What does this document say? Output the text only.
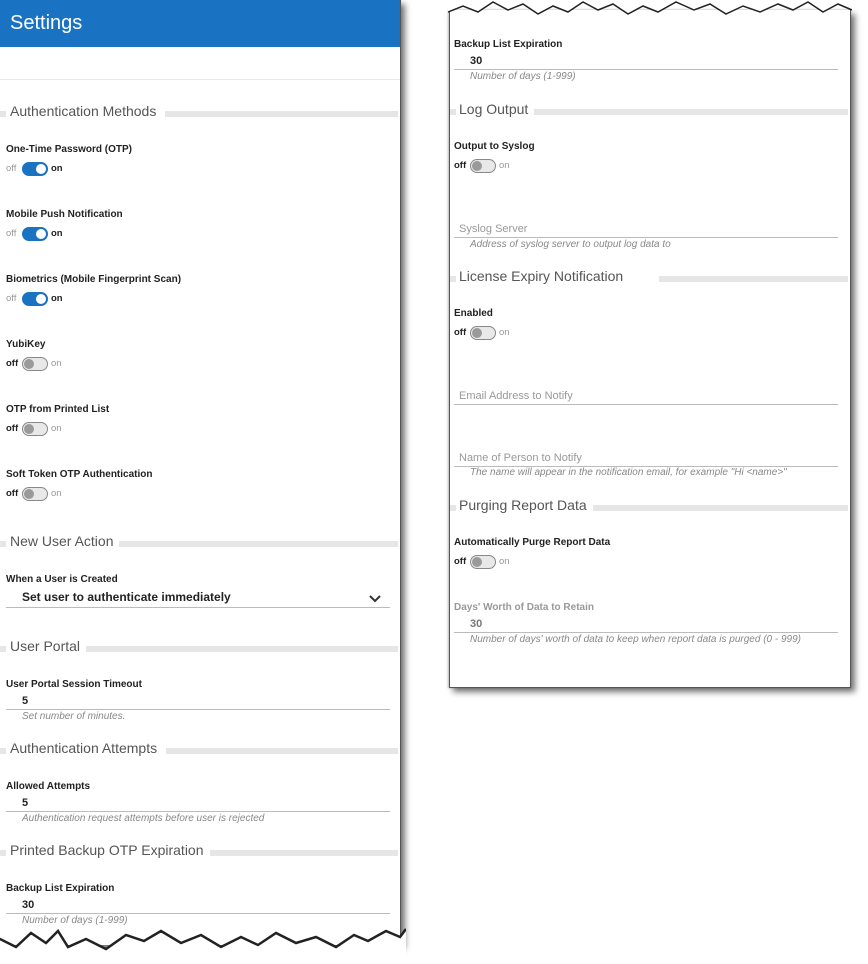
Settings
Authentication Methods
One-Time Password (OTP)
off	on
Mobile Push Notification
off	on
Biometrics (Mobile Fingerprint Scan)
off	on
YubiKey
off	on
OTP from Printed List
off	on
Soft Token OTP Authentication
off	on
New User Action
When a User is Created
Set user to authenticate immediately
User Portal
User Portal Session Timeout
5
Set number of minutes.
Authentication Attempts
Allowed Attempts
5
Authentication request attempts before user is rejected
Printed Backup OTP Expiration
Backup List Expiration
30
Number of days (1-999)
Backup List Expiration
30
Number of days (1-999)
Log Output
Output to Syslog
off	on
Syslog Server
Address of syslog server to output log data to
License Expiry Notification
Enabled
off	on
Email Address to Notify
Name of Person to Notify
The name will appear in the notification email, for example "Hi <name>"
Purging Report Data
Automatically Purge Report Data
off	on
Days' Worth of Data to Retain
30
Number of days' worth of data to keep when report data is purged (0 - 999)
